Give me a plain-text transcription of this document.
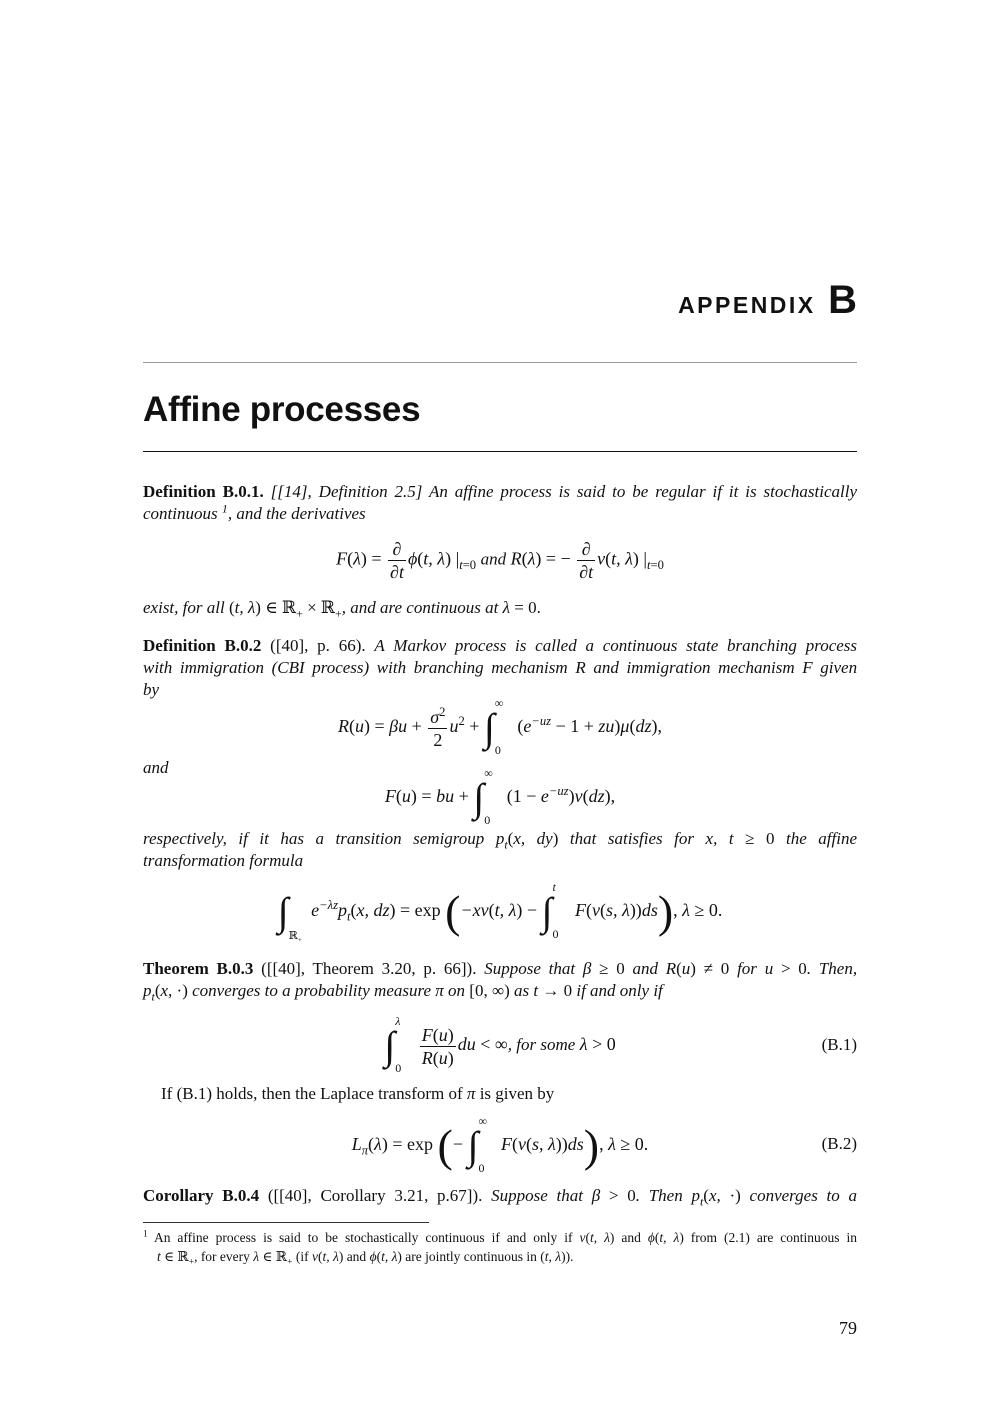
APPENDIX B
Affine processes
Definition B.0.1. [[14], Definition 2.5] An affine process is said to be regular if it is stochastically
continuous $^1$, and the derivatives
$F(\lambda) = \frac{\partial}{\partial t} \phi(t$, λ) $|_{t=0}$ and R(λ) = − $\frac{\partial}{\partial t} v(t$, λ) $|_{t=0}$
exist, for all (t, λ) ∈ ℝ$_+$ × ℝ$_+$, and are continuous at λ = 0.
Definition B.0.2 ([40], p. 66). A Markov process is called a continuous state branching process
with immigration (CBI process) with branching mechanism R and immigration mechanism F given
by
$R(u) = \beta u + \frac{\sigma^2}{2} u^2$ + ∫
∞
0
$(e^{-uz} - 1 + zu)\mu(dz)$,
and
F(u) = bu + ∫
∞
0
$(1 - e^{-uz})\nu(dz)$,
respectively, if it has a transition semigroup $p_t(x$, dy) that satisfies for x, t ≥ 0 the affine
transformation formula
∫
ℝ$_+$
$e^{-\lambda z}p_t(x$, dz) = exp (−xv(t, λ) − ∫
t
0
F(v(s, λ))ds), λ ≥ 0.
Theorem B.0.3 ([[40], Theorem 3.20, p. 66]). Suppose that β ≥ 0 and R(u) ≠ 0 for u > 0. Then,
$p_t(x$, ·) converges to a probability measure π on [0, ∞) as t → 0 if and only if
∫
λ
0
$\frac{F(u)}{R(u)}$ du < ∞, for some λ > 0	(B.1)
If (B.1) holds, then the Laplace transform of π is given by
$L_\pi(\lambda) = \exp$ (− ∫
∞
0
F(v(s, λ))ds), λ ≥ 0.	(B.2)
Corollary B.0.4 ([[40], Corollary 3.21, p.67]). Suppose that β > 0. Then $p_t(x$, ·) converges to a
$^1$ An affine process is said to be stochastically continuous if and only if v(t, λ) and ϕ(t, λ) from (2.1) are continuous in
t ∈ ℝ$_+$, for every λ ∈ ℝ$_+$ (if v(t, λ) and ϕ(t, λ) are jointly continuous in (t, λ)).
79
